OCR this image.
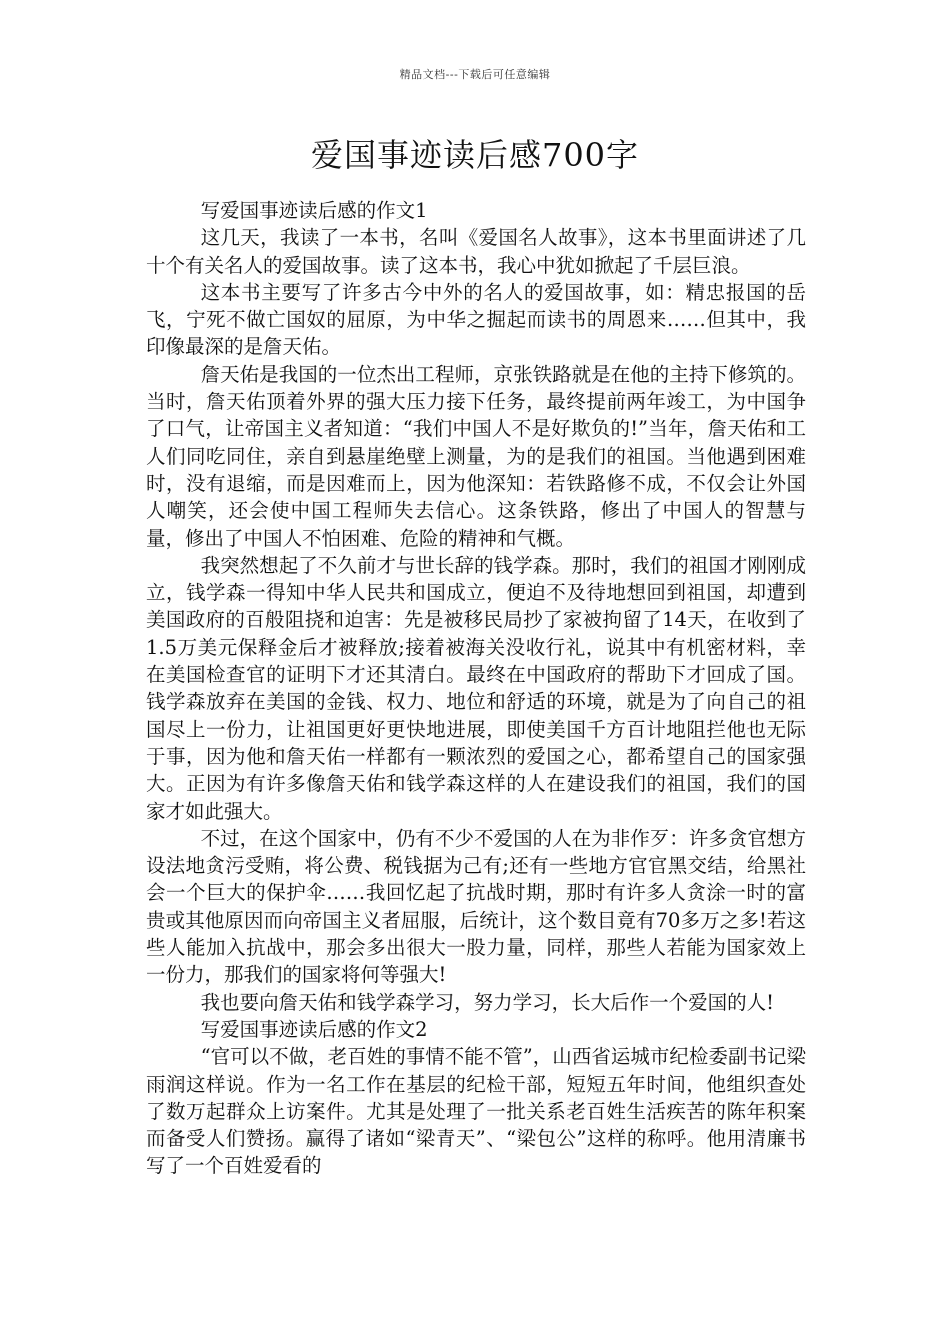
精品文档---下载后可任意编辑
爱国事迹读后感700字

写爱国事迹读后感的作文1

这几天，我读了一本书，名叫《爱国名人故事》，这本书里面讲述了几十个有关名人的爱国故事。读了这本书，我心中犹如掀起了千层巨浪。

这本书主要写了许多古今中外的名人的爱国故事，如：精忠报国的岳飞，宁死不做亡国奴的屈原，为中华之掘起而读书的周恩来……但其中，我印像最深的是詹天佑。

詹天佑是我国的一位杰出工程师，京张铁路就是在他的主持下修筑的。当时，詹天佑顶着外界的强大压力接下任务，最终提前两年竣工，为中国争了口气，让帝国主义者知道：“我们中国人不是好欺负的!”当年，詹天佑和工人们同吃同住，亲自到悬崖绝壁上测量，为的是我们的祖国。当他遇到困难时，没有退缩，而是因难而上，因为他深知：若铁路修不成，不仅会让外国人嘲笑，还会使中国工程师失去信心。这条铁路，修出了中国人的智慧与量，修出了中国人不怕困难、危险的精神和气概。

我突然想起了不久前才与世长辞的钱学森。那时，我们的祖国才刚刚成立，钱学森一得知中华人民共和国成立，便迫不及待地想回到祖国，却遭到美国政府的百般阻挠和迫害：先是被移民局抄了家被拘留了14天，在收到了1.5万美元保释金后才被释放;接着被海关没收行礼，说其中有机密材料，幸在美国检查官的证明下才还其清白。最终在中国政府的帮助下才回成了国。钱学森放弃在美国的金钱、权力、地位和舒适的环境，就是为了向自己的祖国尽上一份力，让祖国更好更快地进展，即使美国千方百计地阻拦他也无际于事，因为他和詹天佑一样都有一颗浓烈的爱国之心，都希望自己的国家强大。正因为有许多像詹天佑和钱学森这样的人在建设我们的祖国，我们的国家才如此强大。

不过，在这个国家中，仍有不少不爱国的人在为非作歹：许多贪官想方设法地贪污受贿，将公费、税钱据为己有;还有一些地方官官黑交结，给黑社会一个巨大的保护伞……我回忆起了抗战时期，那时有许多人贪涂一时的富贵或其他原因而向帝国主义者屈服，后统计，这个数目竟有70多万之多!若这些人能加入抗战中，那会多出很大一股力量，同样，那些人若能为国家效上一份力，那我们的国家将何等强大!

我也要向詹天佑和钱学森学习，努力学习，长大后作一个爱国的人!

写爱国事迹读后感的作文2

“官可以不做，老百姓的事情不能不管”，山西省运城市纪检委副书记梁雨润这样说。作为一名工作在基层的纪检干部，短短五年时间，他组织查处了数万起群众上访案件。尤其是处理了一批关系老百姓生活疾苦的陈年积案而备受人们赞扬。赢得了诸如“梁青天”、“梁包公”这样的称呼。他用清廉书写了一个百姓爱看的
